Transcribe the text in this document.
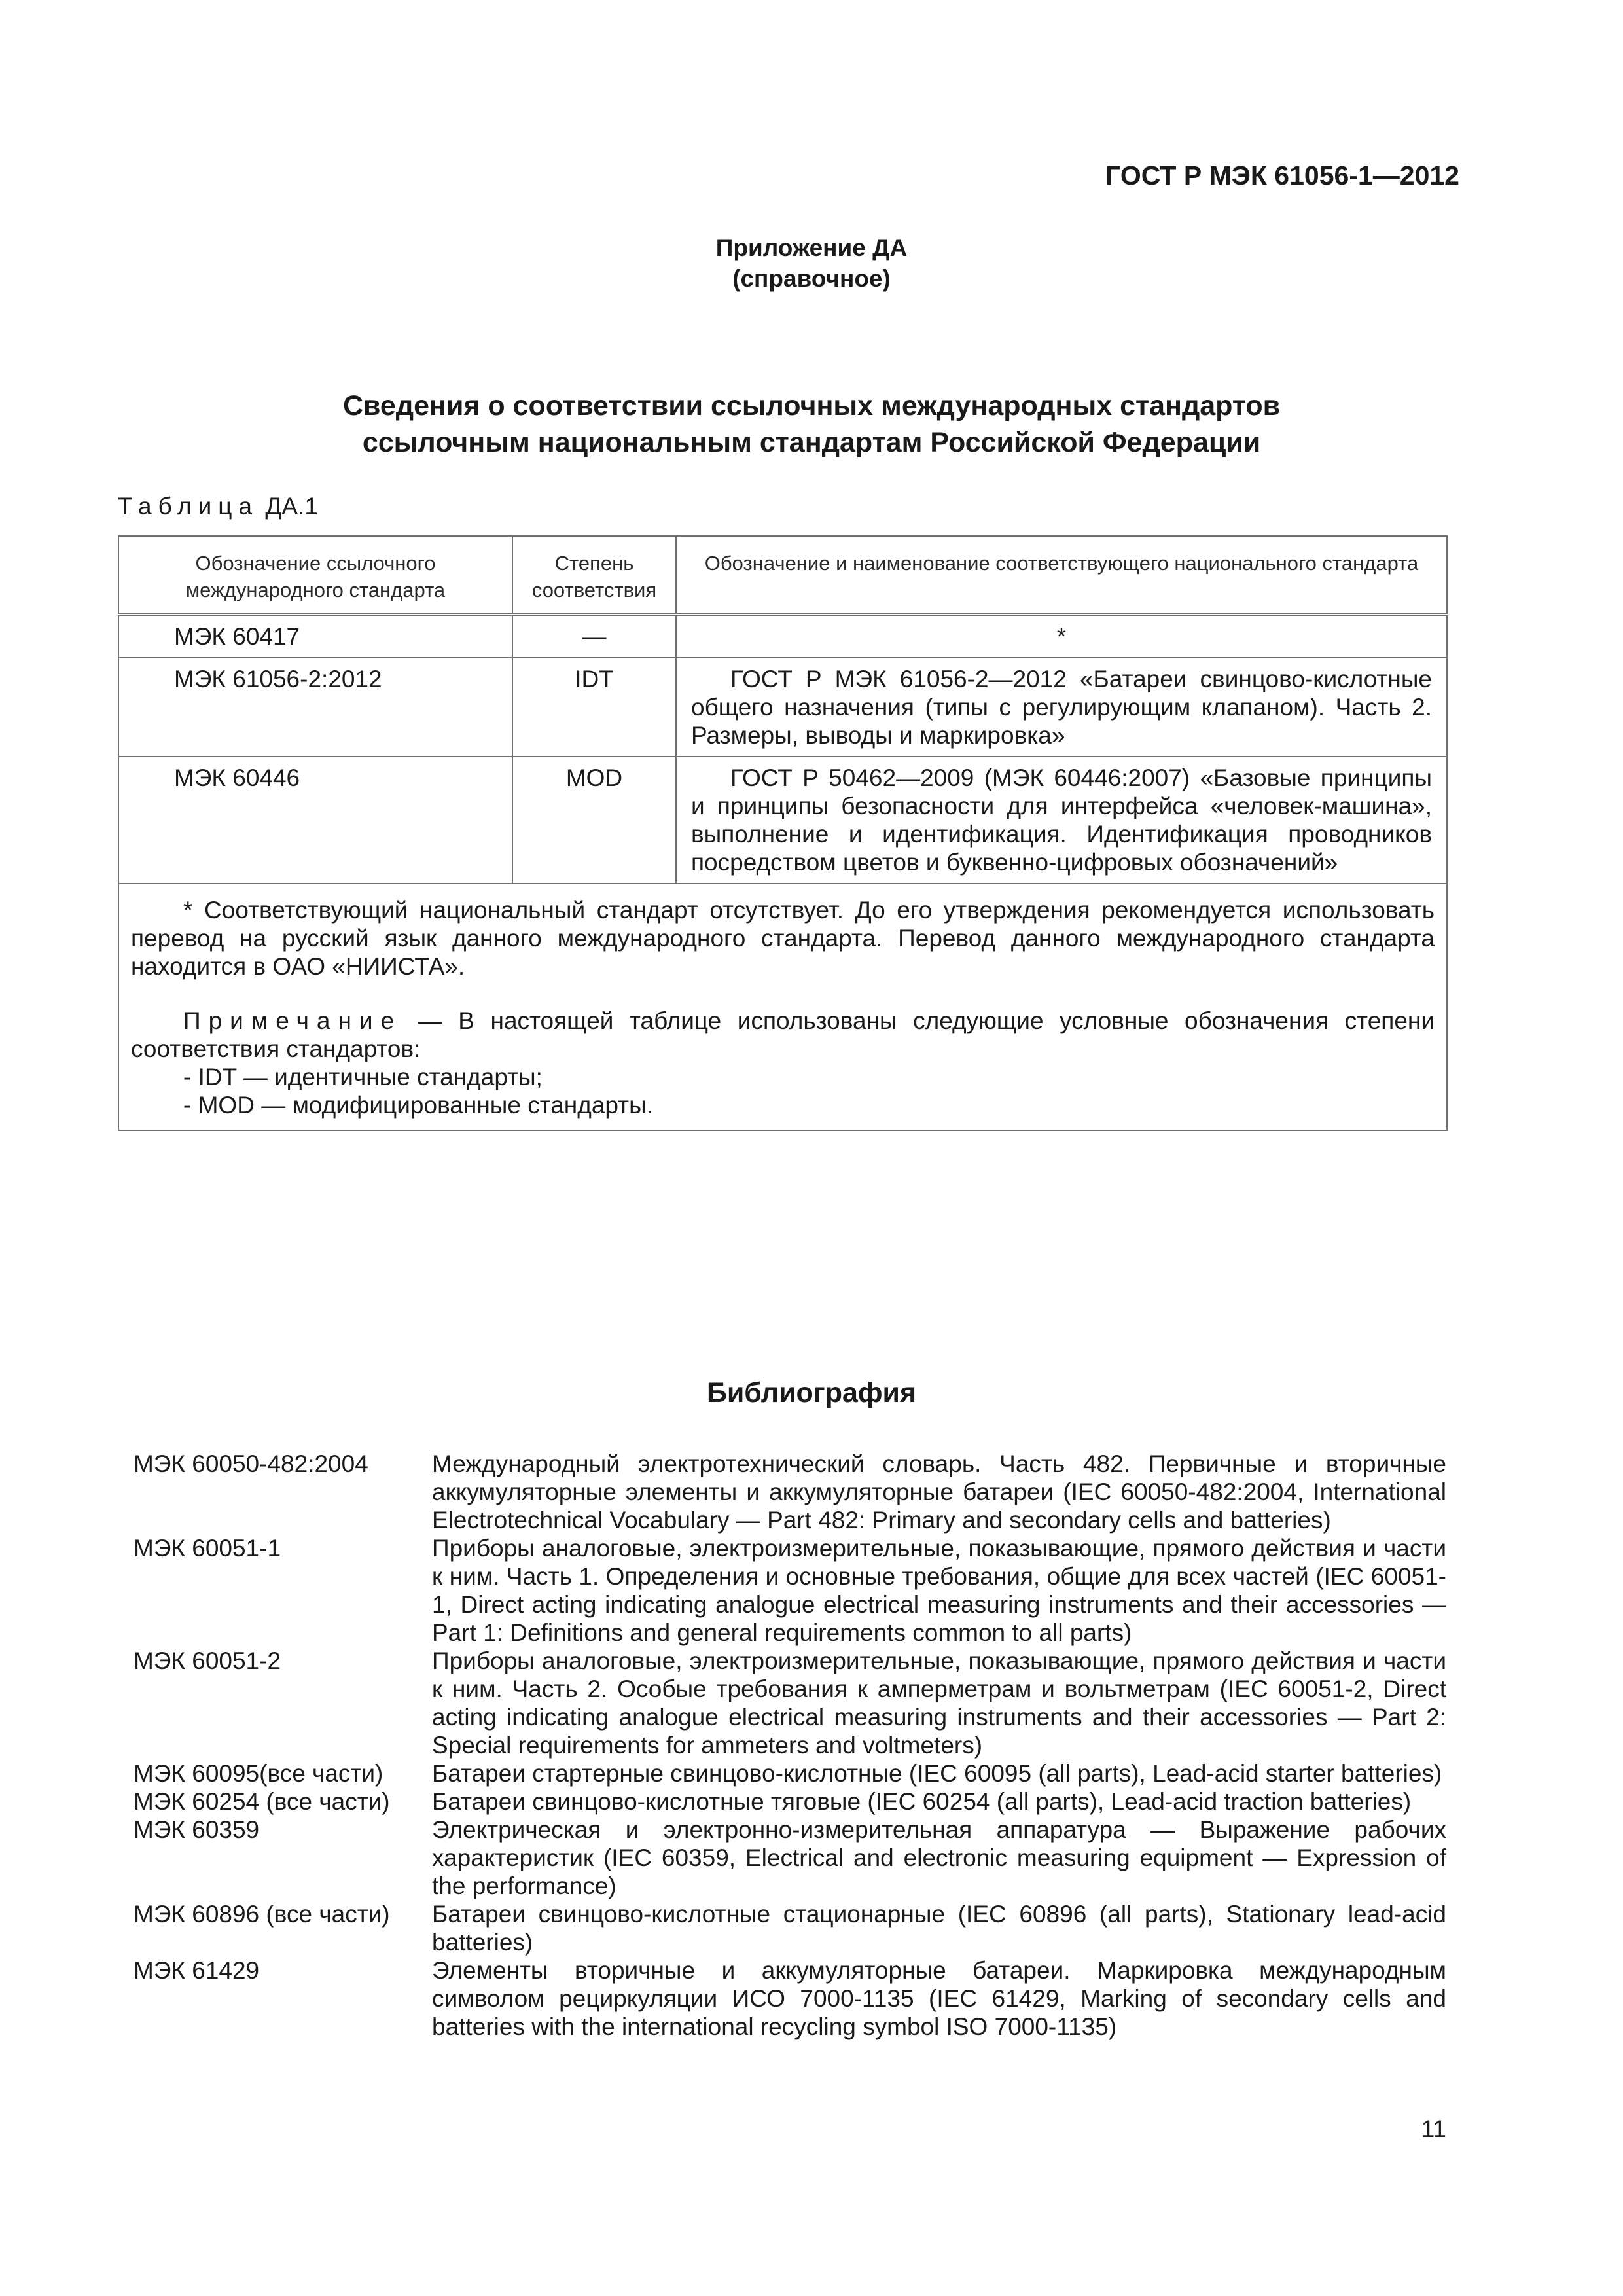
ГОСТ Р МЭК 61056-1—2012
Приложение ДА
(справочное)
Сведения о соответствии ссылочных международных стандартов
ссылочным национальным стандартам Российской Федерации
Таблица ДА.1
Обозначение ссылочного международного стандарта	Степень соответствия	Обозначение и наименование соответствующего национального стандарта
МЭК 60417	—	*
МЭК 61056-2:2012	IDT	ГОСТ Р МЭК 61056-2—2012 «Батареи свинцово-кислотные общего назначения (типы с регулирующим клапаном). Часть 2. Размеры, выводы и маркировка»
МЭК 60446	MOD	ГОСТ Р 50462—2009 (МЭК 60446:2007) «Базовые принципы и принципы безопасности для интерфейса «человек-машина», выполнение и идентификация. Идентификация проводников посредством цветов и буквенно-цифровых обозначений»

* Соответствующий национальный стандарт отсутствует. До его утверждения рекомендуется использовать перевод на русский язык данного международного стандарта. Перевод данного международного стандарта находится в ОАО «НИИСТА».

Примечание — В настоящей таблице использованы следующие условные обозначения степени соответствия стандартов:

- IDT — идентичные стандарты;

- MOD — модифицированные стандарты.		

Библиография
МЭК 60050-482:2004	Международный электротехнический словарь. Часть 482. Первичные и вторичные аккумуляторные элементы и аккумуляторные батареи (IEC 60050-482:2004, International Electrotechnical Vocabulary — Part 482: Primary and secondary cells and batteries)
МЭК 60051-1	Приборы аналоговые, электроизмерительные, показывающие, прямого действия и части к ним. Часть 1. Определения и основные требования, общие для всех частей (IEC 60051-1, Direct acting indicating analogue electrical measuring instruments and their accessories — Part 1: Definitions and general requirements common to all parts)
МЭК 60051-2	Приборы аналоговые, электроизмерительные, показывающие, прямого действия и части к ним. Часть 2. Особые требования к амперметрам и вольтметрам (IEC 60051-2, Direct acting indicating analogue electrical measuring instruments and their accessories — Part 2: Special requirements for ammeters and voltmeters)
МЭК 60095(все части)	Батареи стартерные свинцово-кислотные (IEC 60095 (all parts), Lead-acid starter batteries)
МЭК 60254 (все части)	Батареи свинцово-кислотные тяговые (IEC 60254 (all parts), Lead-acid traction batteries)
МЭК 60359	Электрическая и электронно-измерительная аппаратура — Выражение рабочих характеристик (IEC 60359, Electrical and electronic measuring equipment — Expression of the performance)
МЭК 60896 (все части)	Батареи свинцово-кислотные стационарные (IEC 60896 (all parts), Stationary lead-acid batteries)
МЭК 61429	Элементы вторичные и аккумуляторные батареи. Маркировка международным символом рециркуляции ИСО 7000-1135 (IEC 61429, Marking of secondary cells and batteries with the international recycling symbol ISO 7000-1135)
11
